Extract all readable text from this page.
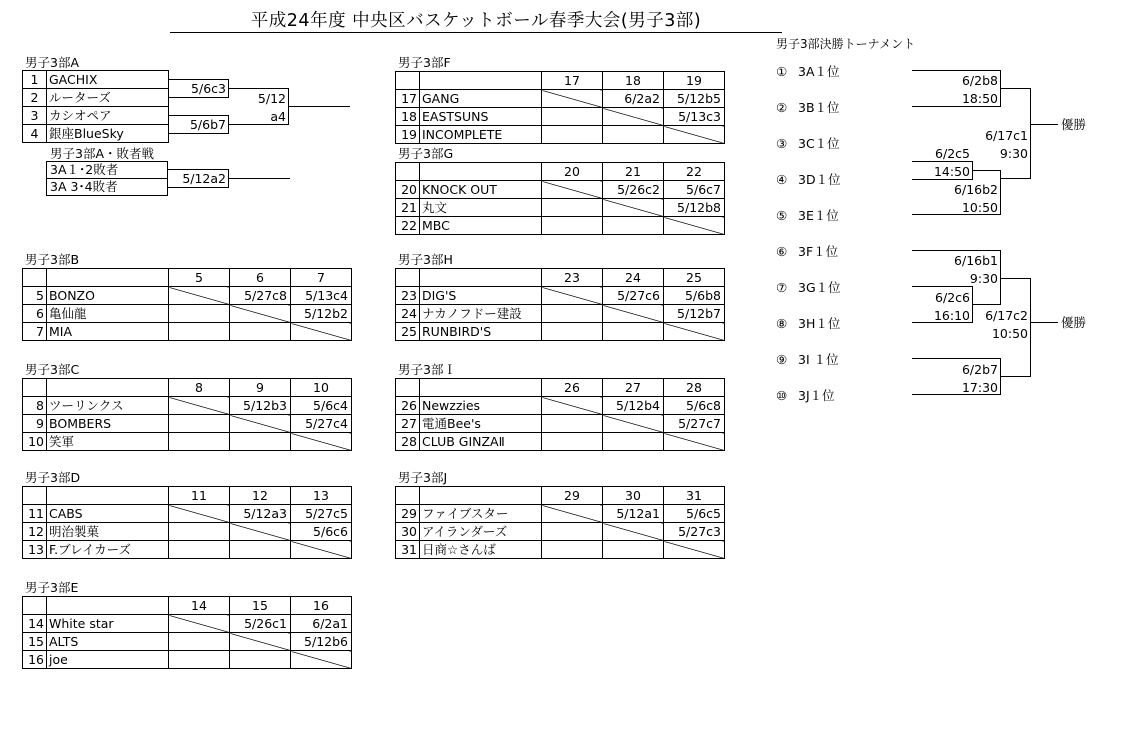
平成24年度 中央区バスケットボール春季大会(男子3部)
男子3部A
1	GACHIX
2	ルーターズ
3	カシオペア
4	銀座BlueSky
5/6c3
5/6b7
5/12
a4
男子3部A・敗者戦
3A１･2敗者
3A 3･4敗者
5/12a2
男子3部B
		5	6	7
5	BONZO		5/27c8	5/13c4
6	亀仙龍			5/12b2
7	MIA			
男子3部C
		8	9	10
8	ツーリンクス		5/12b3	5/6c4
9	BOMBERS			5/27c4
10	笑軍			
男子3部D
		11	12	13
11	CABS		5/12a3	5/27c5
12	明治製菓			5/6c6
13	F.ブレイカーズ			
男子3部E
		14	15	16
14	White star		5/26c1	6/2a1
15	ALTS			5/12b6
16	joe			
男子3部F
		17	18	19
17	GANG		6/2a2	5/12b5
18	EASTSUNS			5/13c3
19	INCOMPLETE			
男子3部G
		20	21	22
20	KNOCK OUT		5/26c2	5/6c7
21	丸文			5/12b8
22	MBC			
男子3部H
		23	24	25
23	DIG'S		5/27c6	5/6b8
24	ナカノフドー建設			5/12b7
25	RUNBIRD'S			
男子3部Ｉ
		26	27	28
26	Newzzies		5/12b4	5/6c8
27	電通Bee's			5/27c7
28	CLUB GINZAⅡ			
男子3部J
		29	30	31
29	ファイブスター		5/12a1	5/6c5
30	アイランダーズ			5/27c3
31	日商☆さんば			
男子3部決勝トーナメント
① 3A１位
② 3B１位
③ 3C１位
④ 3D１位
⑤ 3E１位
⑥ 3F１位
⑦ 3G１位
⑧ 3H１位
⑨ 3I １位
⑩ 3J１位
6/2b8
18:50
6/2c5
14:50
6/16b2
10:50
6/17c1
9:30
優勝
6/16b1
9:30
6/2c6
16:10
6/2b7
17:30
6/17c2
10:50
優勝
